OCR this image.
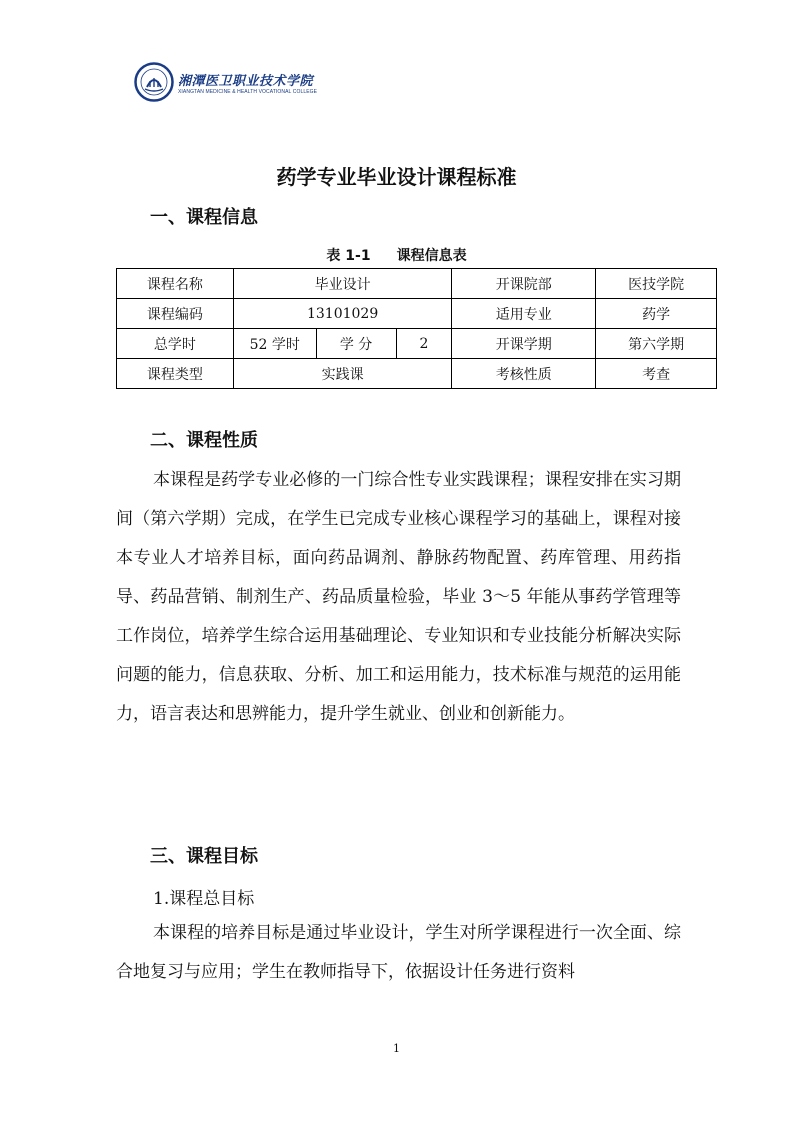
湘潭医卫职业技术学院
XIANGTAN MEDICINE & HEALTH VOCATIONAL COLLEGE
药学专业毕业设计课程标准
一、课程信息
表 1-1 课程信息表
课程名称	毕业设计			开课院部	医技学院
课程编码	13101029			适用专业	药学
总学时	52 学时	学 分	2	开课学期	第六学期
课程类型	实践课			考核性质	考查
二、课程性质
本课程是药学专业必修的一门综合性专业实践课程；课程安排在实习期间（第六学期）完成，在学生已完成专业核心课程学习的基础上，课程对接本专业人才培养目标，面向药品调剂、静脉药物配置、药库管理、用药指导、药品营销、制剂生产、药品质量检验，毕业 3～5 年能从事药学管理等工作岗位，培养学生综合运用基础理论、专业知识和专业技能分析解决实际问题的能力，信息获取、分析、加工和运用能力，技术标准与规范的运用能力，语言表达和思辨能力，提升学生就业、创业和创新能力。
三、课程目标
1.课程总目标
本课程的培养目标是通过毕业设计，学生对所学课程进行一次全面、综合地复习与应用；学生在教师指导下，依据设计任务进行资料
1
